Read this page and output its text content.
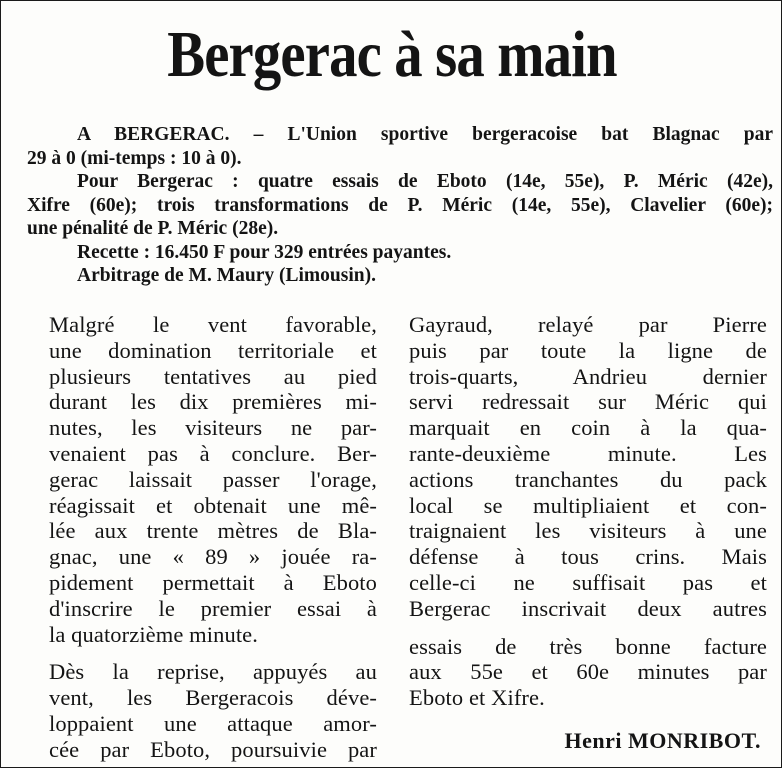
Bergerac à sa main

A BERGERAC. – L'Union sportive bergeracoise bat Blagnac par

29 à 0 (mi-temps : 10 à 0).

Pour Bergerac : quatre essais de Eboto (14e, 55e), P. Méric (42e),

Xifre (60e); trois transformations de P. Méric (14e, 55e), Clavelier (60e);

une pénalité de P. Méric (28e).

Recette : 16.450 F pour 329 entrées payantes.

Arbitrage de M. Maury (Limousin).

Malgré le vent favorable,
une domination territoriale et
plusieurs tentatives au pied
durant les dix premières mi-
nutes, les visiteurs ne par-
venaient pas à conclure. Ber-
gerac laissait passer l'orage,
réagissait et obtenait une mê-
lée aux trente mètres de Bla-
gnac, une « 89 » jouée ra-
pidement permettait à Eboto
d'inscrire le premier essai à
la quatorzième minute.

Dès la reprise, appuyés au
vent, les Bergeracois déve-
loppaient une attaque amor-
cée par Eboto, poursuivie par

Gayraud, relayé par Pierre
puis par toute la ligne de
trois-quarts, Andrieu dernier
servi redressait sur Méric qui
marquait en coin à la qua-
rante-deuxième minute. Les
actions tranchantes du pack
local se multipliaient et con-
traignaient les visiteurs à une
défense à tous crins. Mais
celle-ci ne suffisait pas et
Bergerac inscrivait deux autres

essais de très bonne facture
aux 55e et 60e minutes par
Eboto et Xifre.

Henri MONRIBOT.
